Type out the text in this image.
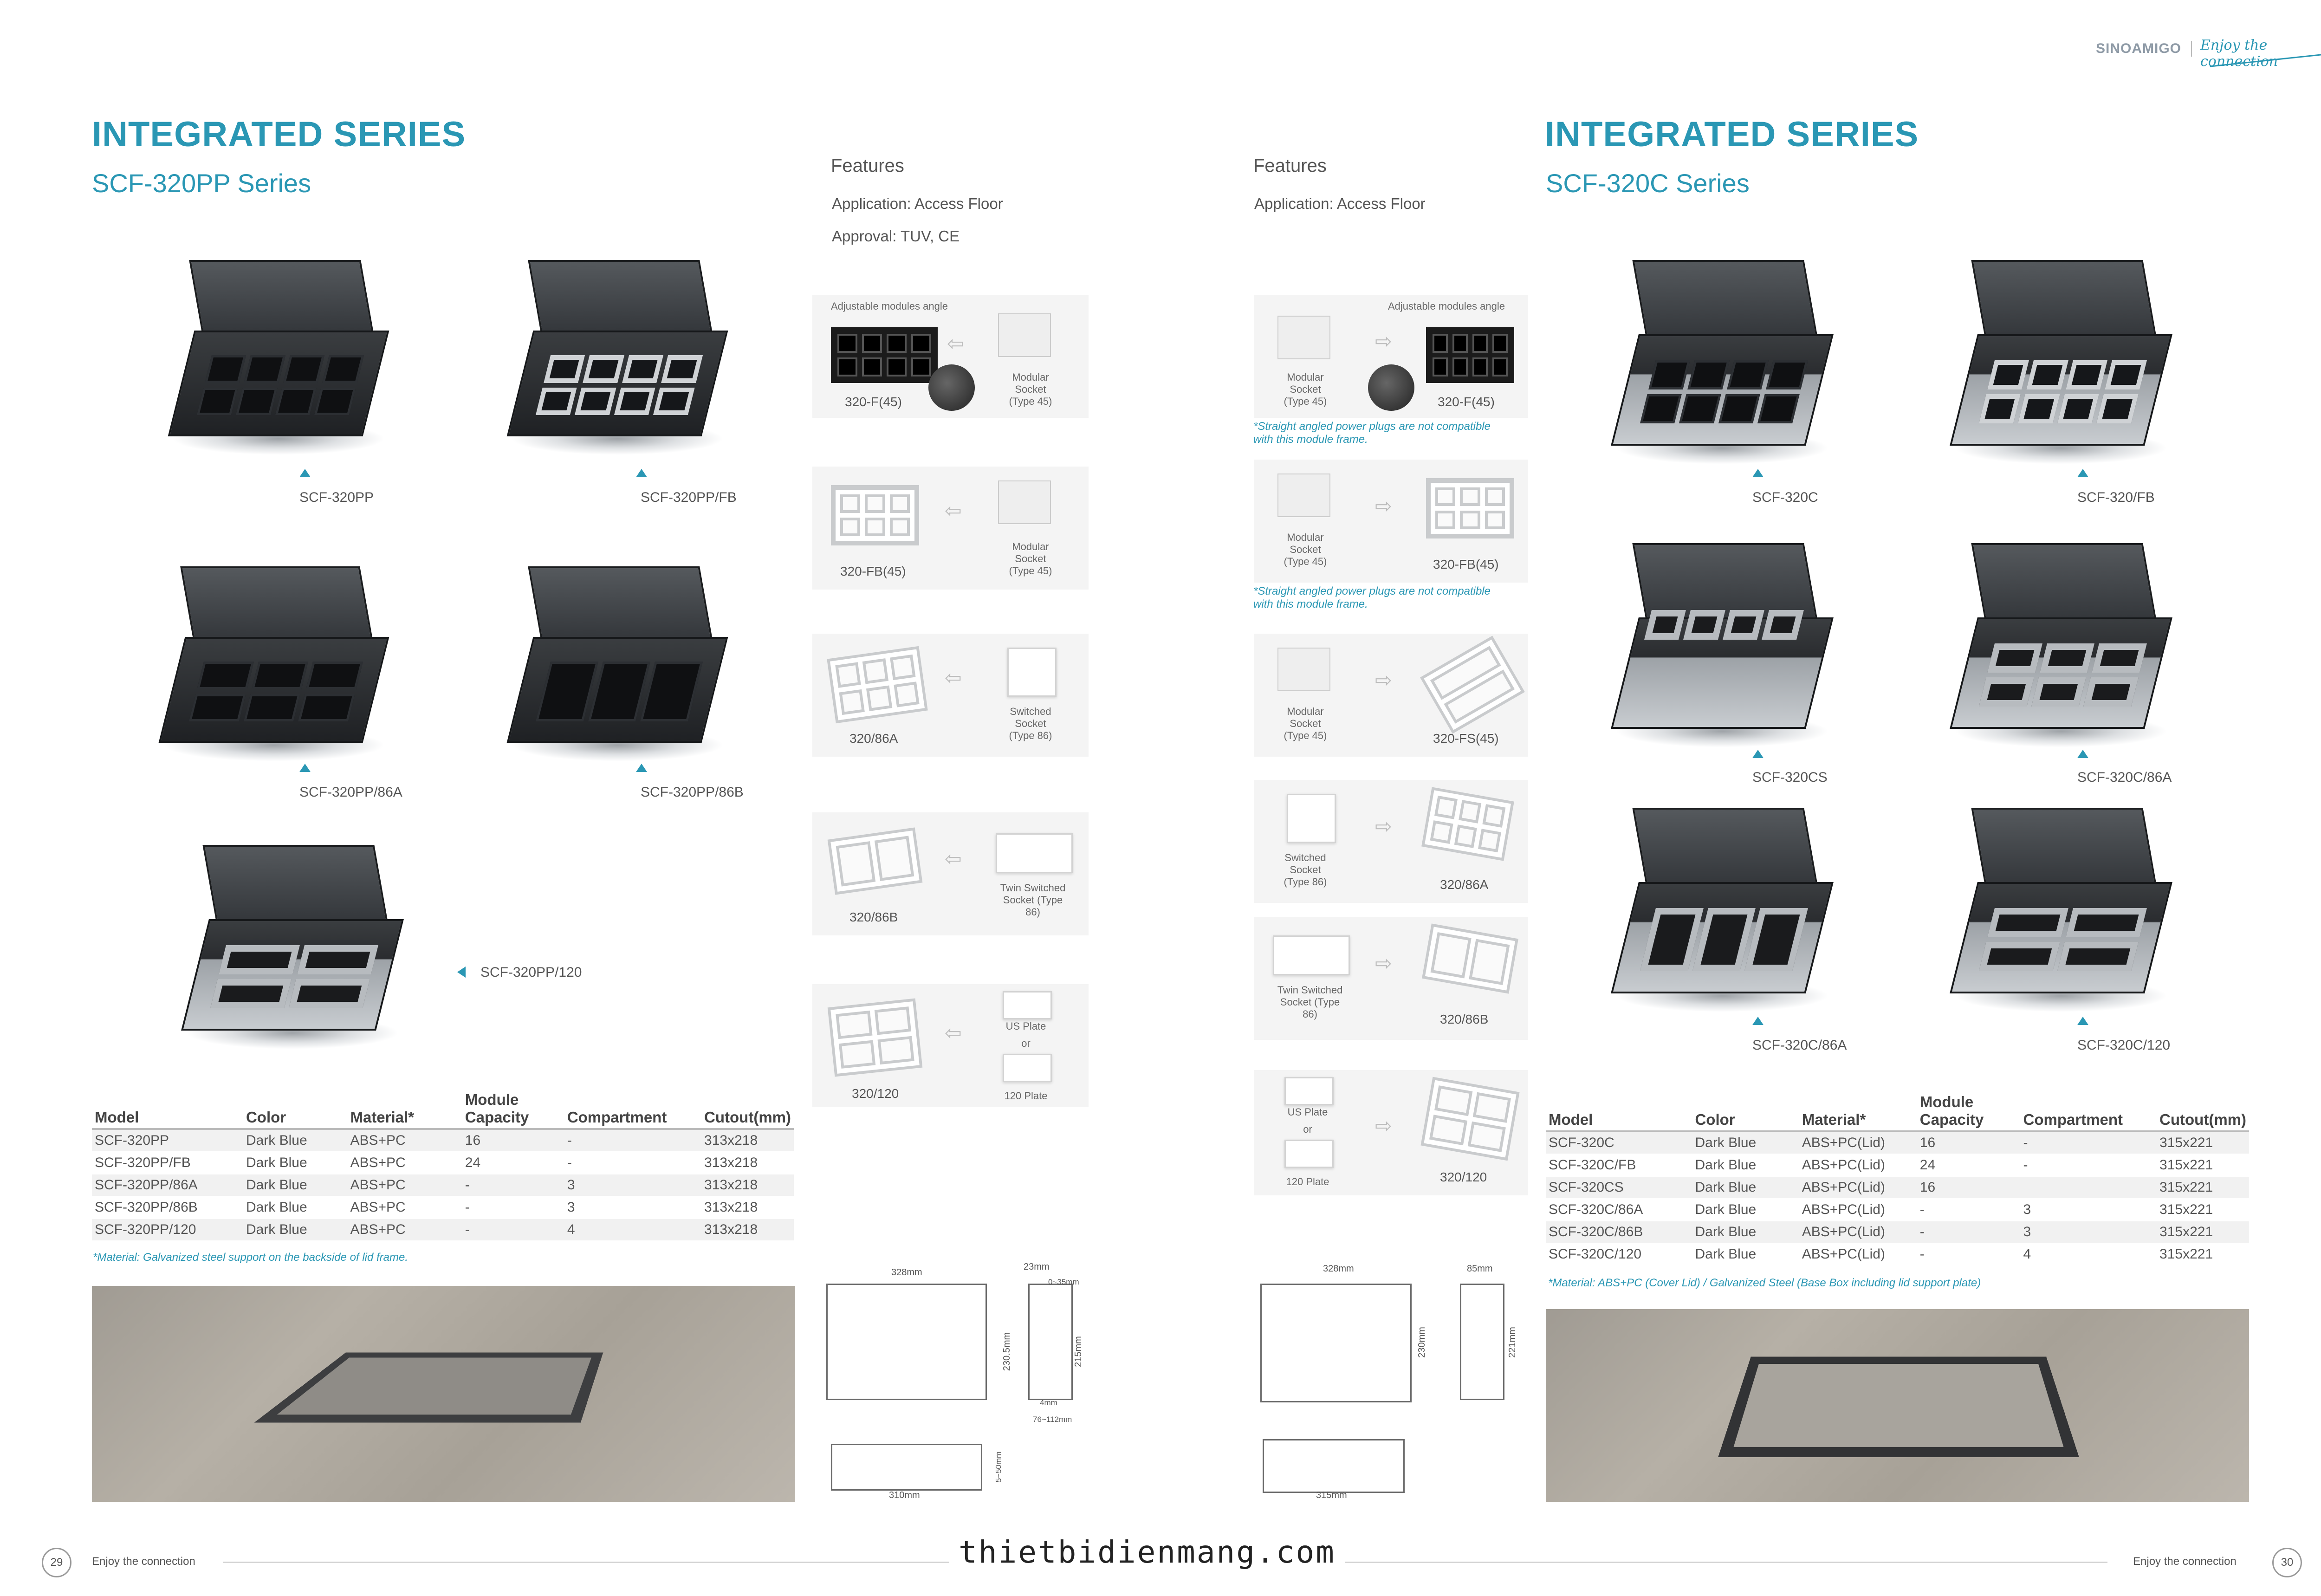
SINOAMIGO Enjoy the connection
INTEGRATED SERIES
SCF-320PP Series
SCF-320PP	SCF-320PP/FB
SCF-320PP/86A	SCF-320PP/86B
SCF-320PP/120
Model	Color	Material*	Module Capacity	Compartment	Cutout(mm)
SCF-320PP	Dark Blue	ABS+PC	16	-	313x218
SCF-320PP/FB	Dark Blue	ABS+PC	24	-	313x218
SCF-320PP/86A	Dark Blue	ABS+PC	-	3	313x218
SCF-320PP/86B	Dark Blue	ABS+PC	-	3	313x218
SCF-320PP/120	Dark Blue	ABS+PC	-	4	313x218
*Material: Galvanized steel support on the backside of lid frame.
Features
Application: Access Floor
Approval: TUV, CE
Adjustable modules angle
⇦
320-F(45)
Modular Socket (Type 45)
⇦
320-FB(45)
Modular Socket (Type 45)
⇦
320/86A
Switched Socket (Type 86)
⇦
320/86B
Twin Switched Socket (Type 86)
⇦	US Plate
or
120 Plate
320/120
328mm
23mm
0~35mm
230.5mm	215mm
4mm
76~112mm
310mm
5~50mm
Features
Application: Access Floor
Adjustable modules angle
⇨
Modular Socket (Type 45)	320-F(45)
*Straight angled power plugs are not compatible with this module frame.
⇨
Modular Socket (Type 45)	320-FB(45)
*Straight angled power plugs are not compatible with this module frame.
⇨
Modular Socket (Type 45)	320-FS(45)
⇨
Switched Socket (Type 86)	320/86A
⇨
Twin Switched Socket (Type 86)	320/86B
US Plate
or
120 Plate
⇨
320/120
328mm
230mm
85mm
221mm
315mm
INTEGRATED SERIES
SCF-320C Series
SCF-320C	SCF-320/FB
SCF-320CS	SCF-320C/86A
SCF-320C/86A	SCF-320C/120
Model	Color	Material*	Module Capacity	Compartment	Cutout(mm)
SCF-320C	Dark Blue	ABS+PC(Lid)	16	-	315x221
SCF-320C/FB	Dark Blue	ABS+PC(Lid)	24	-	315x221
SCF-320CS	Dark Blue	ABS+PC(Lid)	16		315x221
SCF-320C/86A	Dark Blue	ABS+PC(Lid)	-	3	315x221
SCF-320C/86B	Dark Blue	ABS+PC(Lid)	-	3	315x221
SCF-320C/120	Dark Blue	ABS+PC(Lid)	-	4	315x221
*Material: ABS+PC (Cover Lid) / Galvanized Steel (Base Box including lid support plate)
29	Enjoy the connection	thietbidienmang.com	Enjoy the connection	30
